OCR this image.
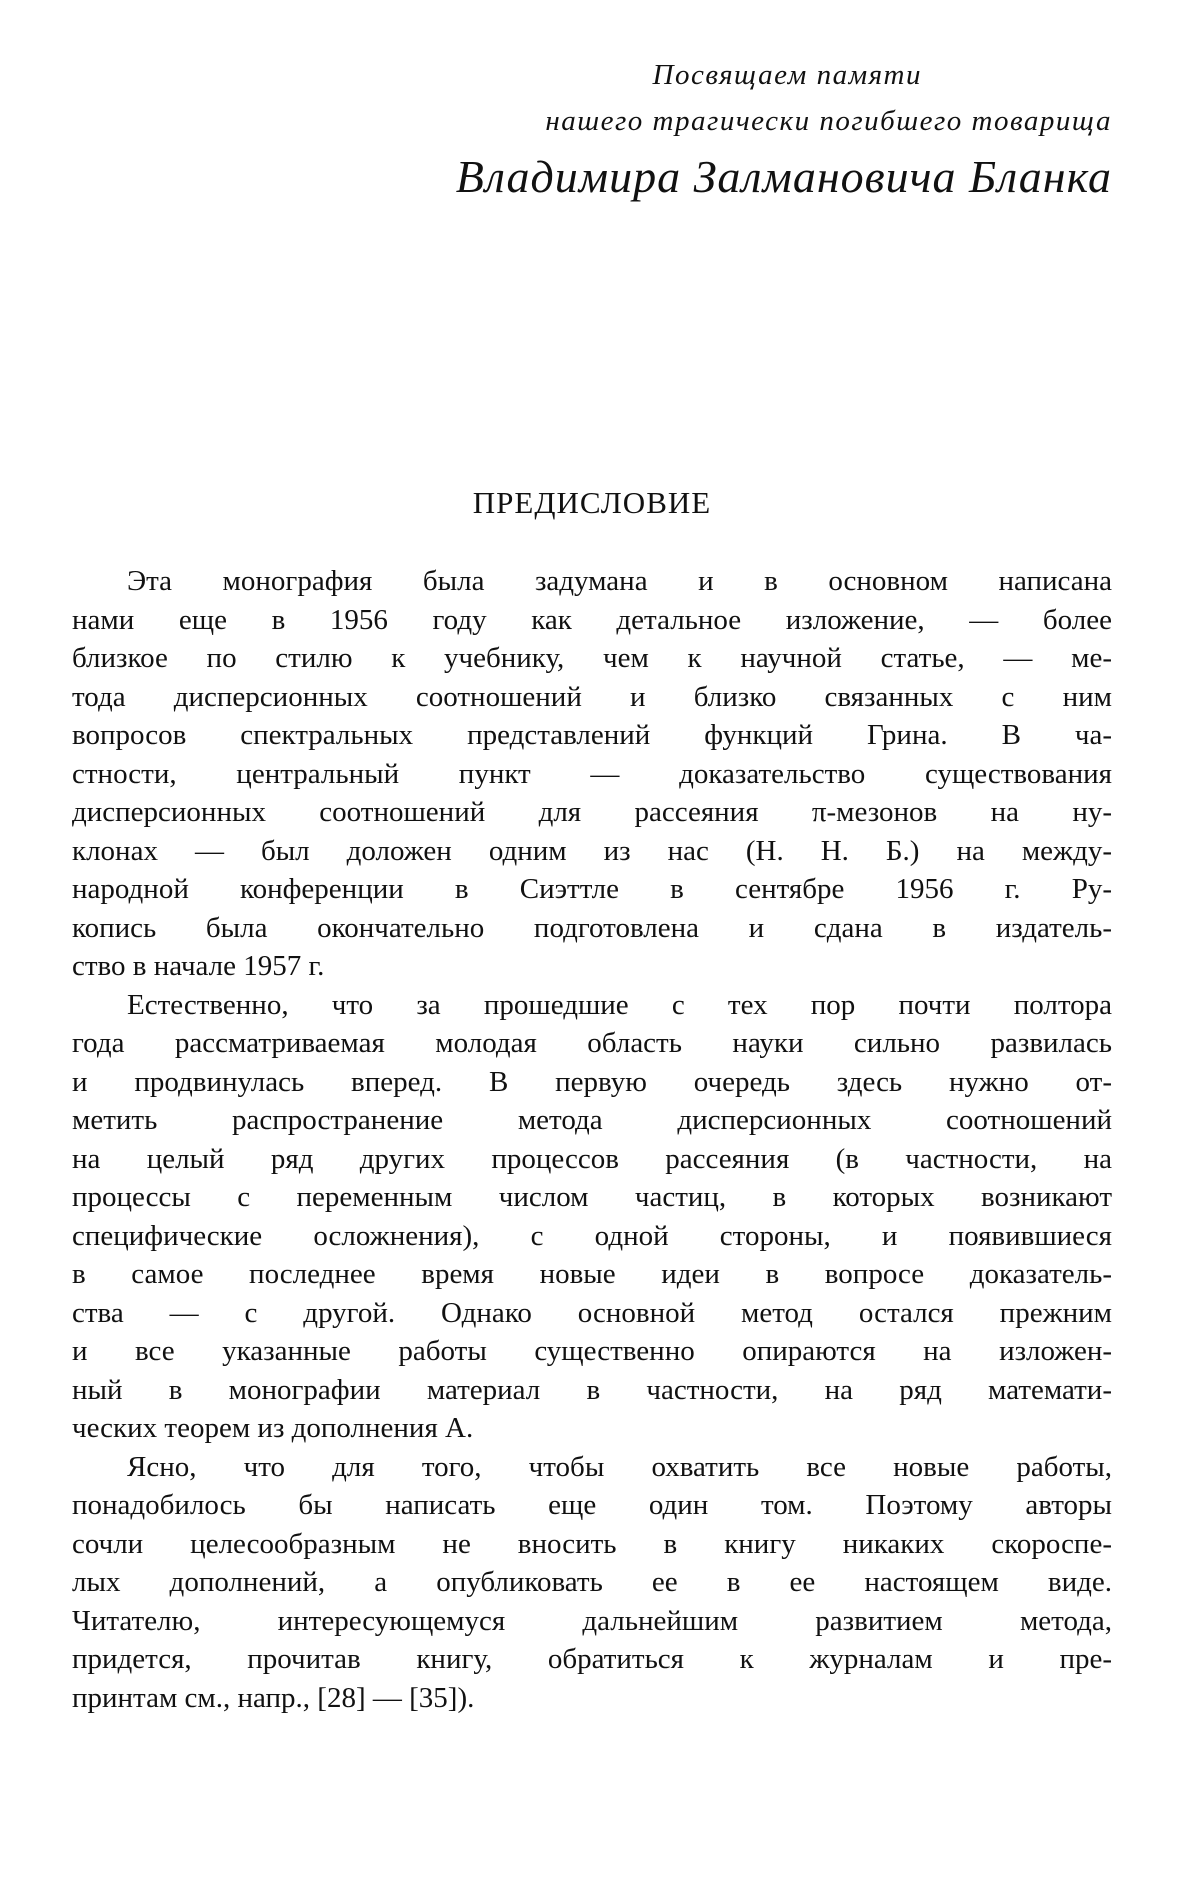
Посвящаем памяти
нашего трагически погибшего товарища
Владимира Залмановича Бланка
ПРЕДИСЛОВИЕ
Эта монография была задумана и в основном написана
нами еще в 1956 году как детальное изложение, — более
близкое по стилю к учебнику, чем к научной статье, — ме-
тода дисперсионных соотношений и близко связанных с ним
вопросов спектральных представлений функций Грина. В ча-
стности, центральный пункт — доказательство существования
дисперсионных соотношений для рассеяния π-мезонов на ну-
клонах — был доложен одним из нас (Н. Н. Б.) на между-
народной конференции в Сиэттле в сентябре 1956 г. Ру-
копись была окончательно подготовлена и сдана в издатель-
ство в начале 1957 г.
Естественно, что за прошедшие с тех пор почти полтора
года рассматриваемая молодая область науки сильно развилась
и продвинулась вперед. В первую очередь здесь нужно от-
метить распространение метода дисперсионных соотношений
на целый ряд других процессов рассеяния (в частности, на
процессы с переменным числом частиц, в которых возникают
специфические осложнения), с одной стороны, и появившиеся
в самое последнее время новые идеи в вопросе доказатель-
ства — с другой. Однако основной метод остался прежним
и все указанные работы существенно опираются на изложен-
ный в монографии материал в частности, на ряд математи-
ческих теорем из дополнения А.
Ясно, что для того, чтобы охватить все новые работы,
понадобилось бы написать еще один том. Поэтому авторы
сочли целесообразным не вносить в книгу никаких скороспе-
лых дополнений, а опубликовать ее в ее настоящем виде.
Читателю, интересующемуся дальнейшим развитием метода,
придется, прочитав книгу, обратиться к журналам и пре-
принтам см., напр., [28] — [35]).
